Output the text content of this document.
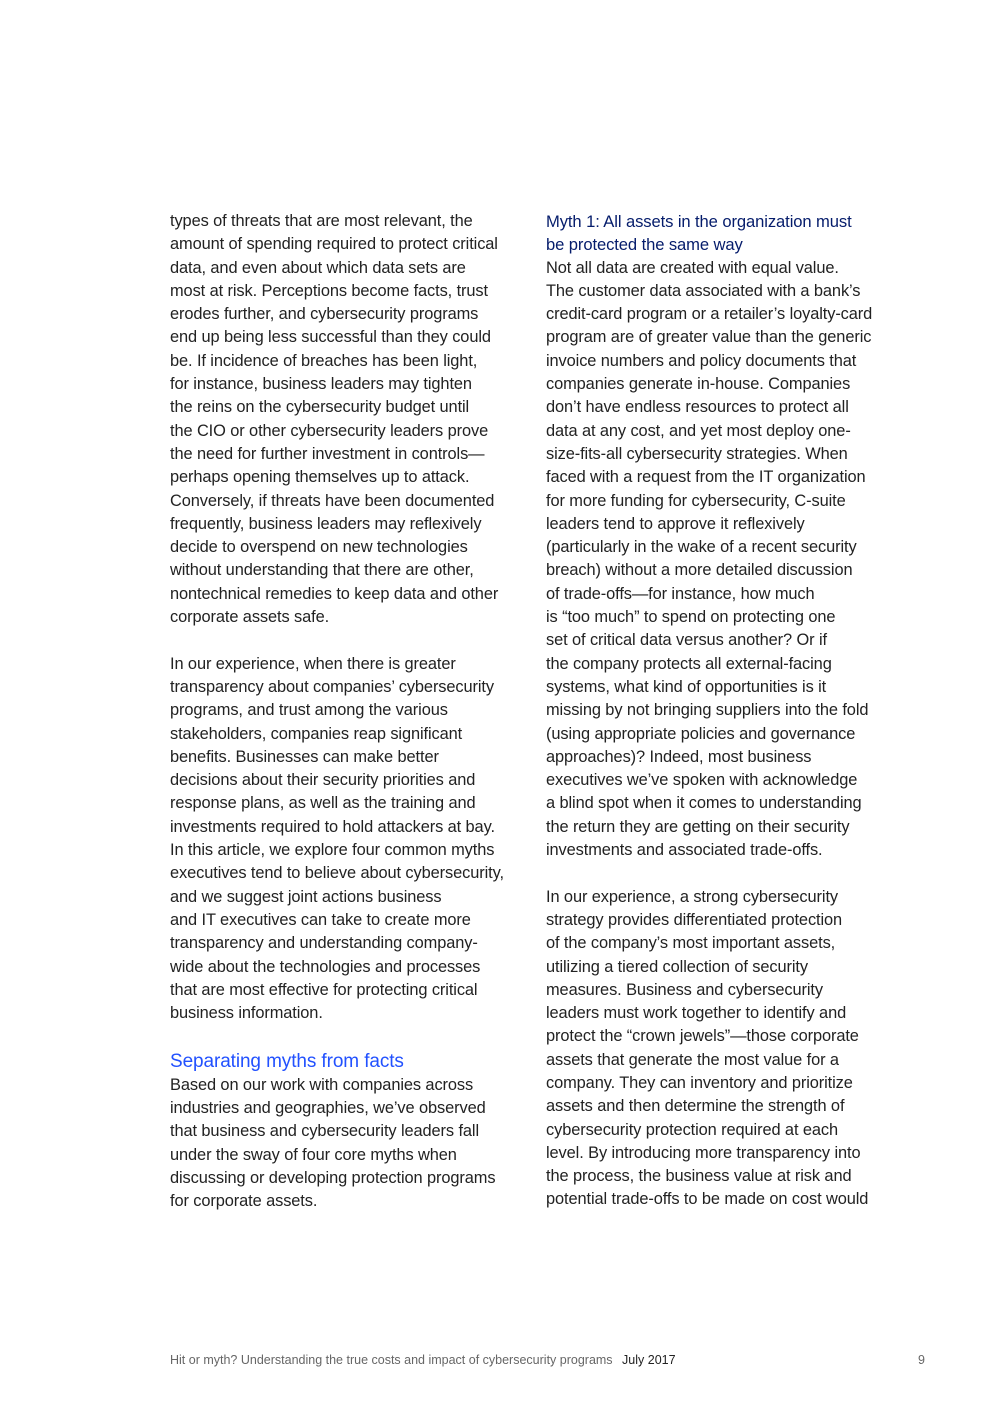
types of threats that are most relevant, the
amount of spending required to protect critical
data, and even about which data sets are
most at risk. Perceptions become facts, trust
erodes further, and cybersecurity programs
end up being less successful than they could
be. If incidence of breaches has been light,
for instance, business leaders may tighten
the reins on the cybersecurity budget until
the CIO or other cybersecurity leaders prove
the need for further investment in controls—
perhaps opening themselves up to attack.
Conversely, if threats have been documented
frequently, business leaders may reflexively
decide to overspend on new technologies
without understanding that there are other,
nontechnical remedies to keep data and other
corporate assets safe.
In our experience, when there is greater
transparency about companies’ cybersecurity
programs, and trust among the various
stakeholders, companies reap significant
benefits. Businesses can make better
decisions about their security priorities and
response plans, as well as the training and
investments required to hold attackers at bay.
In this article, we explore four common myths
executives tend to believe about cybersecurity,
and we suggest joint actions business
and IT executives can take to create more
transparency and understanding company-
wide about the technologies and processes
that are most effective for protecting critical
business information.
Separating myths from facts
Based on our work with companies across
industries and geographies, we’ve observed
that business and cybersecurity leaders fall
under the sway of four core myths when
discussing or developing protection programs
for corporate assets.
Myth 1: All assets in the organization must
be protected the same way
Not all data are created with equal value.
The customer data associated with a bank’s
credit-card program or a retailer’s loyalty-card
program are of greater value than the generic
invoice numbers and policy documents that
companies generate in-house. Companies
don’t have endless resources to protect all
data at any cost, and yet most deploy one-
size-fits-all cybersecurity strategies. When
faced with a request from the IT organization
for more funding for cybersecurity, C-suite
leaders tend to approve it reflexively
(particularly in the wake of a recent security
breach) without a more detailed discussion
of trade-offs—for instance, how much
is “too much” to spend on protecting one
set of critical data versus another? Or if
the company protects all external-facing
systems, what kind of opportunities is it
missing by not bringing suppliers into the fold
(using appropriate policies and governance
approaches)? Indeed, most business
executives we’ve spoken with acknowledge
a blind spot when it comes to understanding
the return they are getting on their security
investments and associated trade-offs.
In our experience, a strong cybersecurity
strategy provides differentiated protection
of the company’s most important assets,
utilizing a tiered collection of security
measures. Business and cybersecurity
leaders must work together to identify and
protect the “crown jewels”—those corporate
assets that generate the most value for a
company. They can inventory and prioritize
assets and then determine the strength of
cybersecurity protection required at each
level. By introducing more transparency into
the process, the business value at risk and
potential trade-offs to be made on cost would
Hit or myth? Understanding the true costs and impact of cybersecurity programs July 2017	9
